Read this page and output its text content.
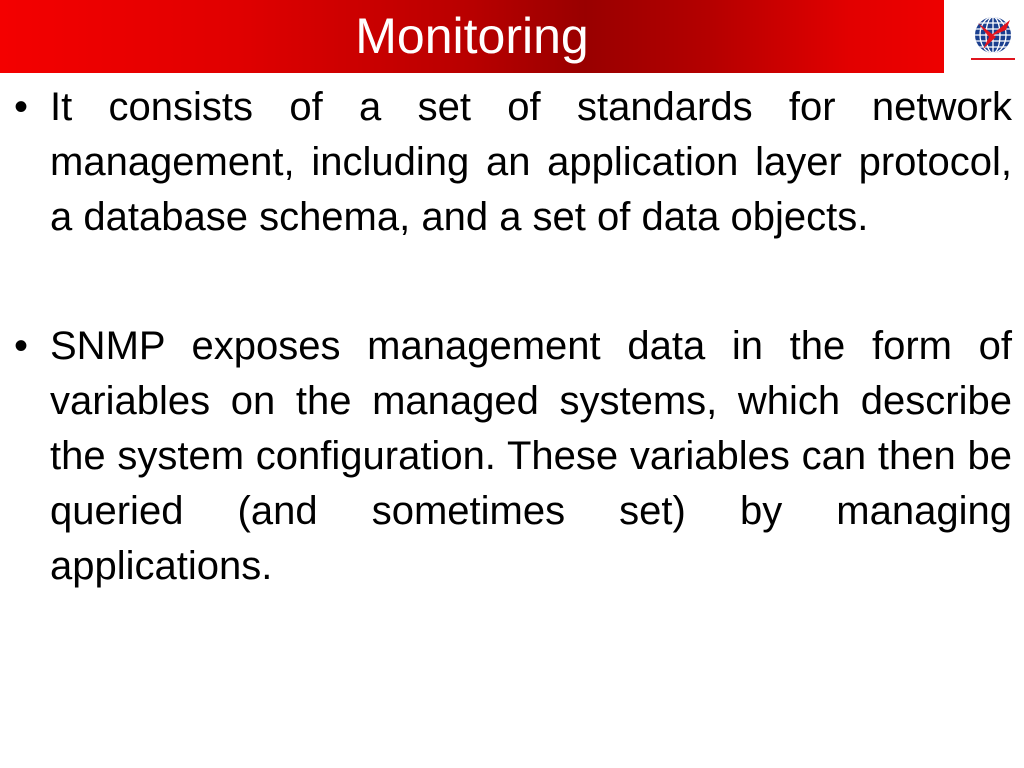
Monitoring
• It consists of a set of standards for network management, including an application layer protocol, a database schema, and a set of data objects.
• SNMP exposes management data in the form of variables on the managed systems, which describe the system configuration. These variables can then be queried (and sometimes set) by managing applications.
